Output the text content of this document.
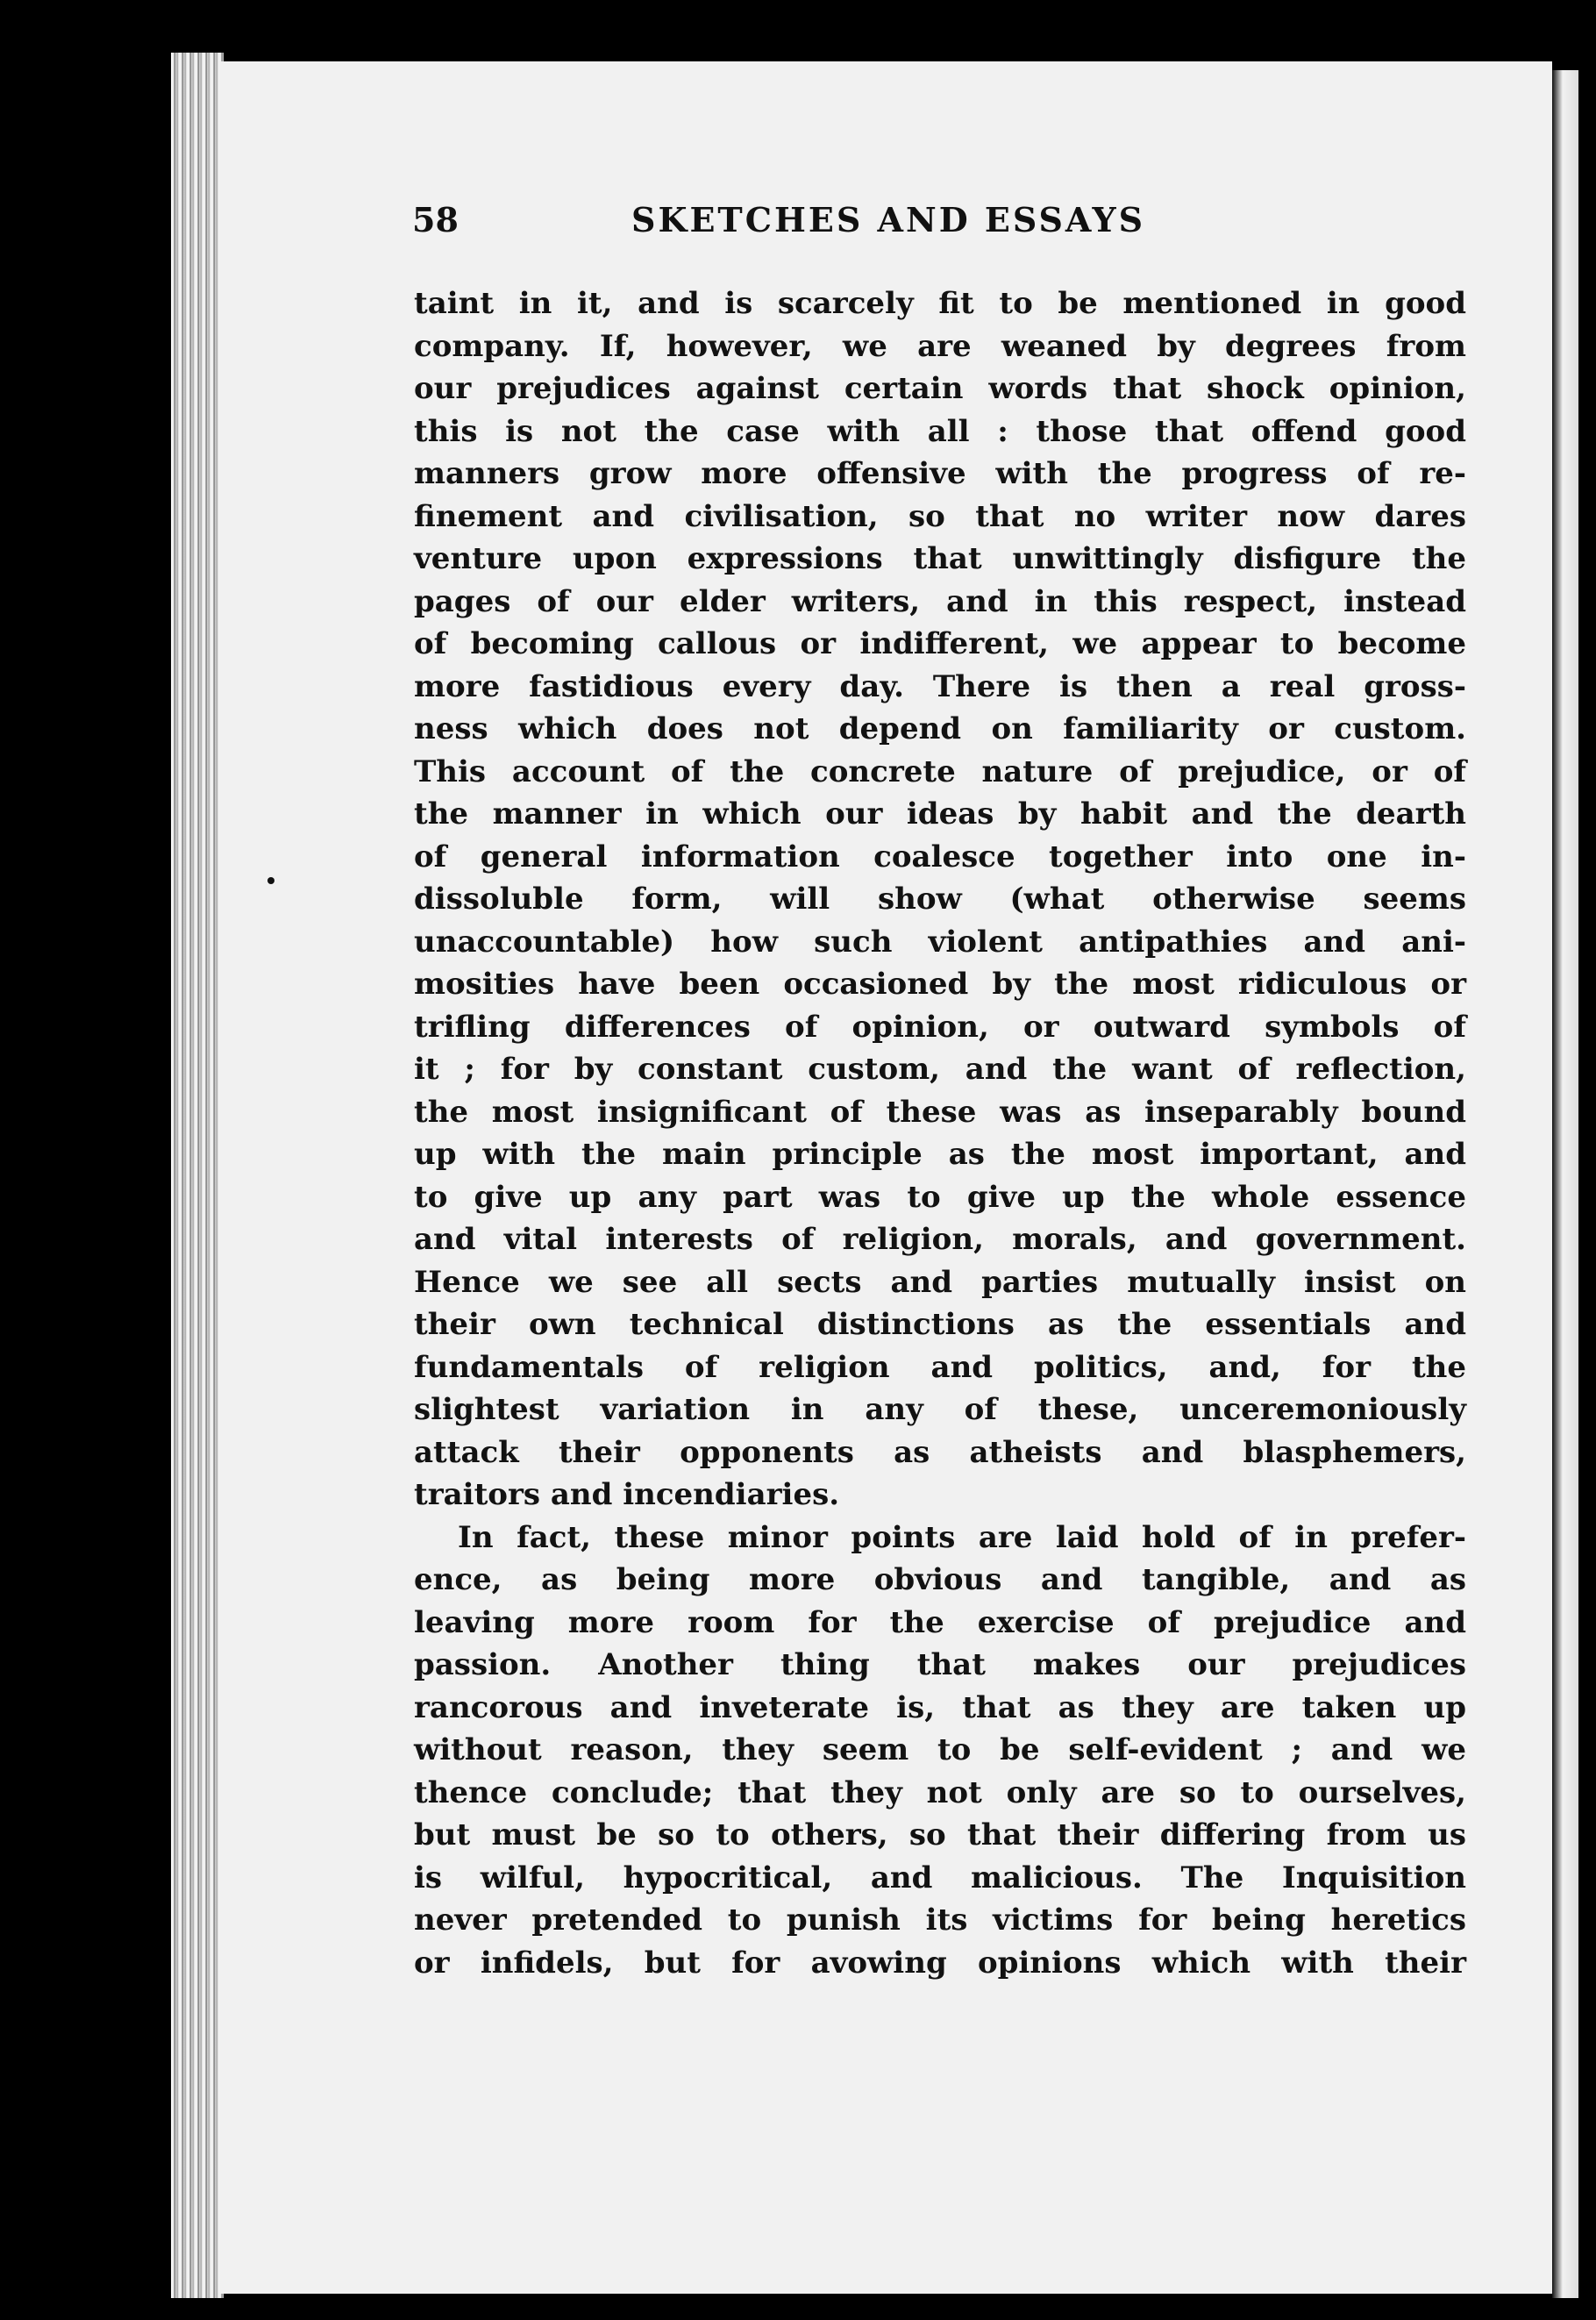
58	SKETCHES AND ESSAYS
taint in it, and is scarcely fit to be mentioned in good
company. If, however, we are weaned by degrees from
our prejudices against certain words that shock opinion,
this is not the case with all : those that offend good
manners grow more offensive with the progress of re-
finement and civilisation, so that no writer now dares
venture upon expressions that unwittingly disfigure the
pages of our elder writers, and in this respect, instead
of becoming callous or indifferent, we appear to become
more fastidious every day. There is then a real gross-
ness which does not depend on familiarity or custom.
This account of the concrete nature of prejudice, or of
the manner in which our ideas by habit and the dearth
of general information coalesce together into one in-
dissoluble form, will show (what otherwise seems
unaccountable) how such violent antipathies and ani-
mosities have been occasioned by the most ridiculous or
trifling differences of opinion, or outward symbols of
it ; for by constant custom, and the want of reflection,
the most insignificant of these was as inseparably bound
up with the main principle as the most important, and
to give up any part was to give up the whole essence
and vital interests of religion, morals, and government.
Hence we see all sects and parties mutually insist on
their own technical distinctions as the essentials and
fundamentals of religion and politics, and, for the
slightest variation in any of these, unceremoniously
attack their opponents as atheists and blasphemers,
traitors and incendiaries.
In fact, these minor points are laid hold of in prefer-
ence, as being more obvious and tangible, and as
leaving more room for the exercise of prejudice and
passion. Another thing that makes our prejudices
rancorous and inveterate is, that as they are taken up
without reason, they seem to be self-evident ; and we
thence conclude; that they not only are so to ourselves,
but must be so to others, so that their differing from us
is wilful, hypocritical, and malicious. The Inquisition
never pretended to punish its victims for being heretics
or infidels, but for avowing opinions which with their
